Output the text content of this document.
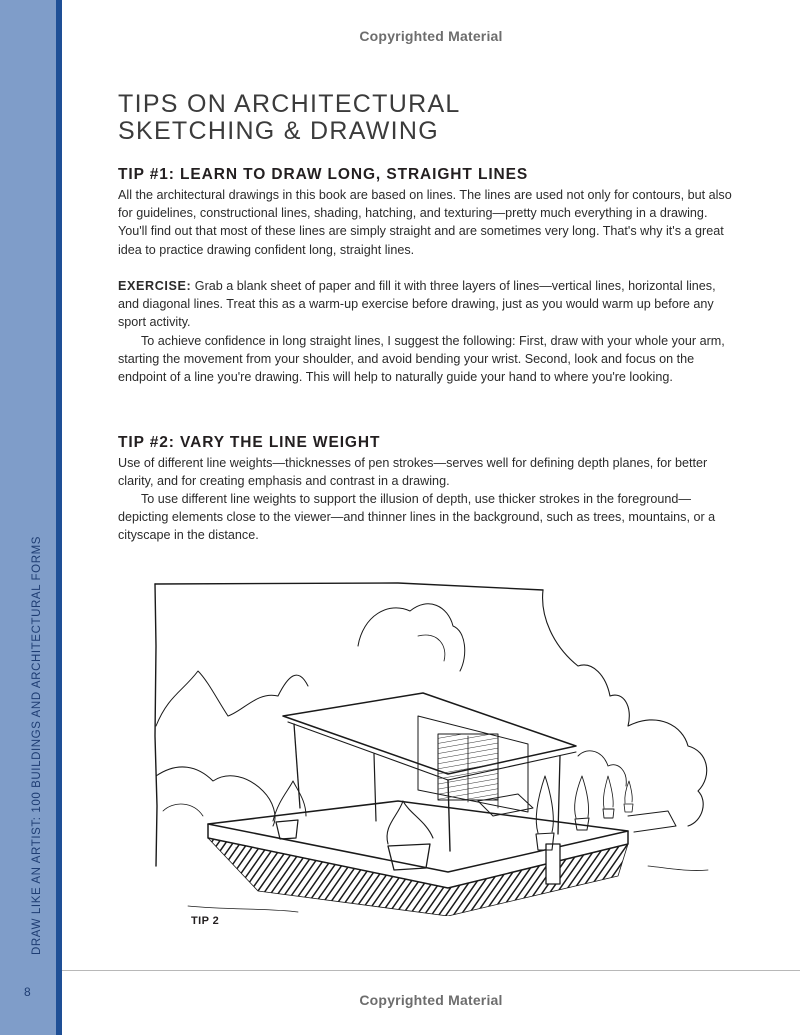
DRAW LIKE AN ARTIST: 100 BUILDINGS AND ARCHITECTURAL FORMS
8
Copyrighted Material
TIPS ON ARCHITECTURAL
SKETCHING & DRAWING
TIP #1: LEARN TO DRAW LONG, STRAIGHT LINES

All the architectural drawings in this book are based on lines. The lines are used not only for contours, but also for guidelines, constructional lines, shading, hatching, and texturing—pretty much everything in a drawing. You'll find out that most of these lines are simply straight and are sometimes very long. That's why it's a great idea to practice drawing confident long, straight lines.

EXERCISE: Grab a blank sheet of paper and fill it with three layers of lines—vertical lines, horizontal lines, and diagonal lines. Treat this as a warm-up exercise before drawing, just as you would warm up before any sport activity.

To achieve confidence in long straight lines, I suggest the following: First, draw with your whole your arm, starting the movement from your shoulder, and avoid bending your wrist. Second, look and focus on the endpoint of a line you're drawing. This will help to naturally guide your hand to where you're looking.

TIP #2: VARY THE LINE WEIGHT

Use of different line weights—thicknesses of pen strokes—serves well for defining depth planes, for better clarity, and for creating emphasis and contrast in a drawing.

To use different line weights to support the illusion of depth, use thicker strokes in the foreground—depicting elements close to the viewer—and thinner lines in the background, such as trees, mountains, or a cityscape in the distance.

TIP 2
Copyrighted Material
